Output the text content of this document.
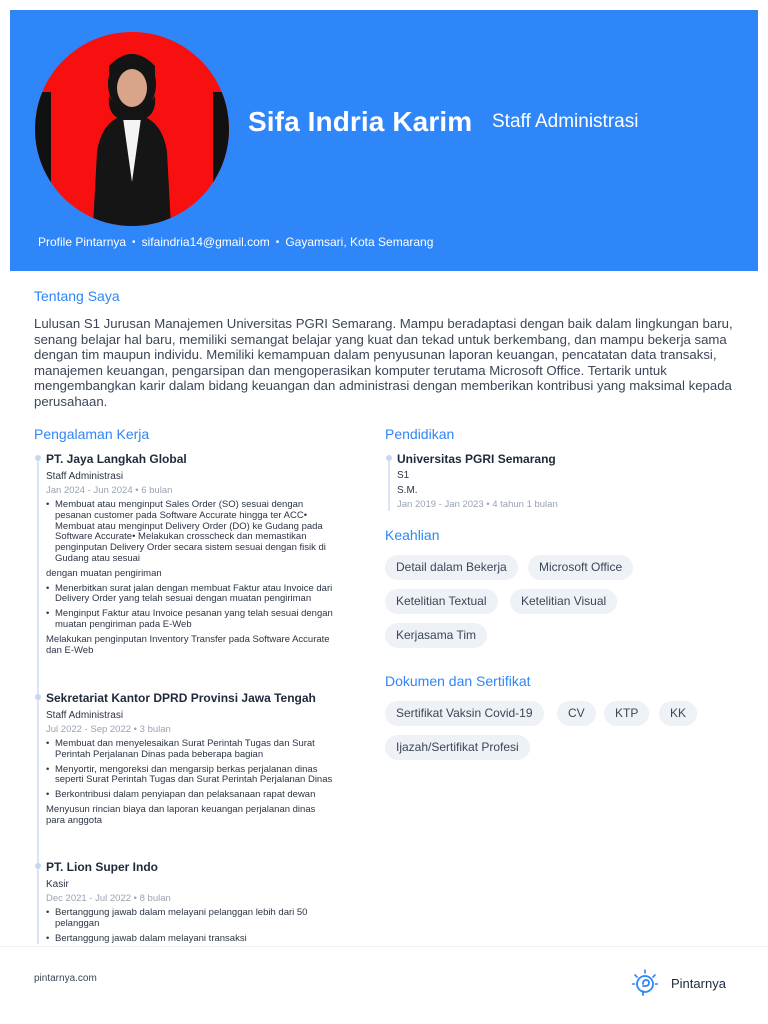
Sifa Indria Karim Staff Administrasi
Profile Pintarnya • sifaindria14@gmail.com • Gayamsari, Kota Semarang
Tentang Saya
Lulusan S1 Jurusan Manajemen Universitas PGRI Semarang. Mampu beradaptasi dengan baik dalam lingkungan baru, senang belajar hal baru, memiliki semangat belajar yang kuat dan tekad untuk berkembang, dan mampu bekerja sama dengan tim maupun individu. Memiliki kemampuan dalam penyusunan laporan keuangan, pencatatan data transaksi, manajemen keuangan, pengarsipan dan mengoperasikan komputer terutama Microsoft Office. Tertarik untuk mengembangkan karir dalam bidang keuangan dan administrasi dengan memberikan kontribusi yang maksimal kepada perusahaan.
Pengalaman Kerja
PT. Jaya Langkah Global
Staff Administrasi
Jan 2024 - Jun 2024 • 6 bulan
• Membuat atau menginput Sales Order (SO) sesuai dengan pesanan customer pada Software Accurate hingga ter ACC• Membuat atau menginput Delivery Order (DO) ke Gudang pada Software Accurate• Melakukan crosscheck dan memastikan penginputan Delivery Order secara sistem sesuai dengan fisik di Gudang atau sesuai
dengan muatan pengiriman
• Menerbitkan surat jalan dengan membuat Faktur atau Invoice dari Delivery Order yang telah sesuai dengan muatan pengiriman
• Menginput Faktur atau Invoice pesanan yang telah sesuai dengan muatan pengiriman pada E-Web
Melakukan penginputan Inventory Transfer pada Software Accurate dan E-Web
Sekretariat Kantor DPRD Provinsi Jawa Tengah
Staff Administrasi
Jul 2022 - Sep 2022 • 3 bulan
• Membuat dan menyelesaikan Surat Perintah Tugas dan Surat Perintah Perjalanan Dinas pada beberapa bagian
• Menyortir, mengoreksi dan mengarsip berkas perjalanan dinas seperti Surat Perintah Tugas dan Surat Perintah Perjalanan Dinas
• Berkontribusi dalam penyiapan dan pelaksanaan rapat dewan
Menyusun rincian biaya dan laporan keuangan perjalanan dinas para anggota
PT. Lion Super Indo
Kasir
Dec 2021 - Jul 2022 • 8 bulan
• Bertanggung jawab dalam melayani pelanggan lebih dari 50 pelanggan
• Bertanggung jawab dalam melayani transaksi
Pendidikan
Universitas PGRI Semarang
S1
S.M.
Jan 2019 - Jan 2023 • 4 tahun 1 bulan
Keahlian
Detail dalam Bekerja	Microsoft Office
Ketelitian Textual	Ketelitian Visual
Kerjasama Tim
Dokumen dan Sertifikat
Sertifikat Vaksin Covid-19	CV	KTP	KK
Ijazah/Sertifikat Profesi
pintarnya.com	Pintarnya
